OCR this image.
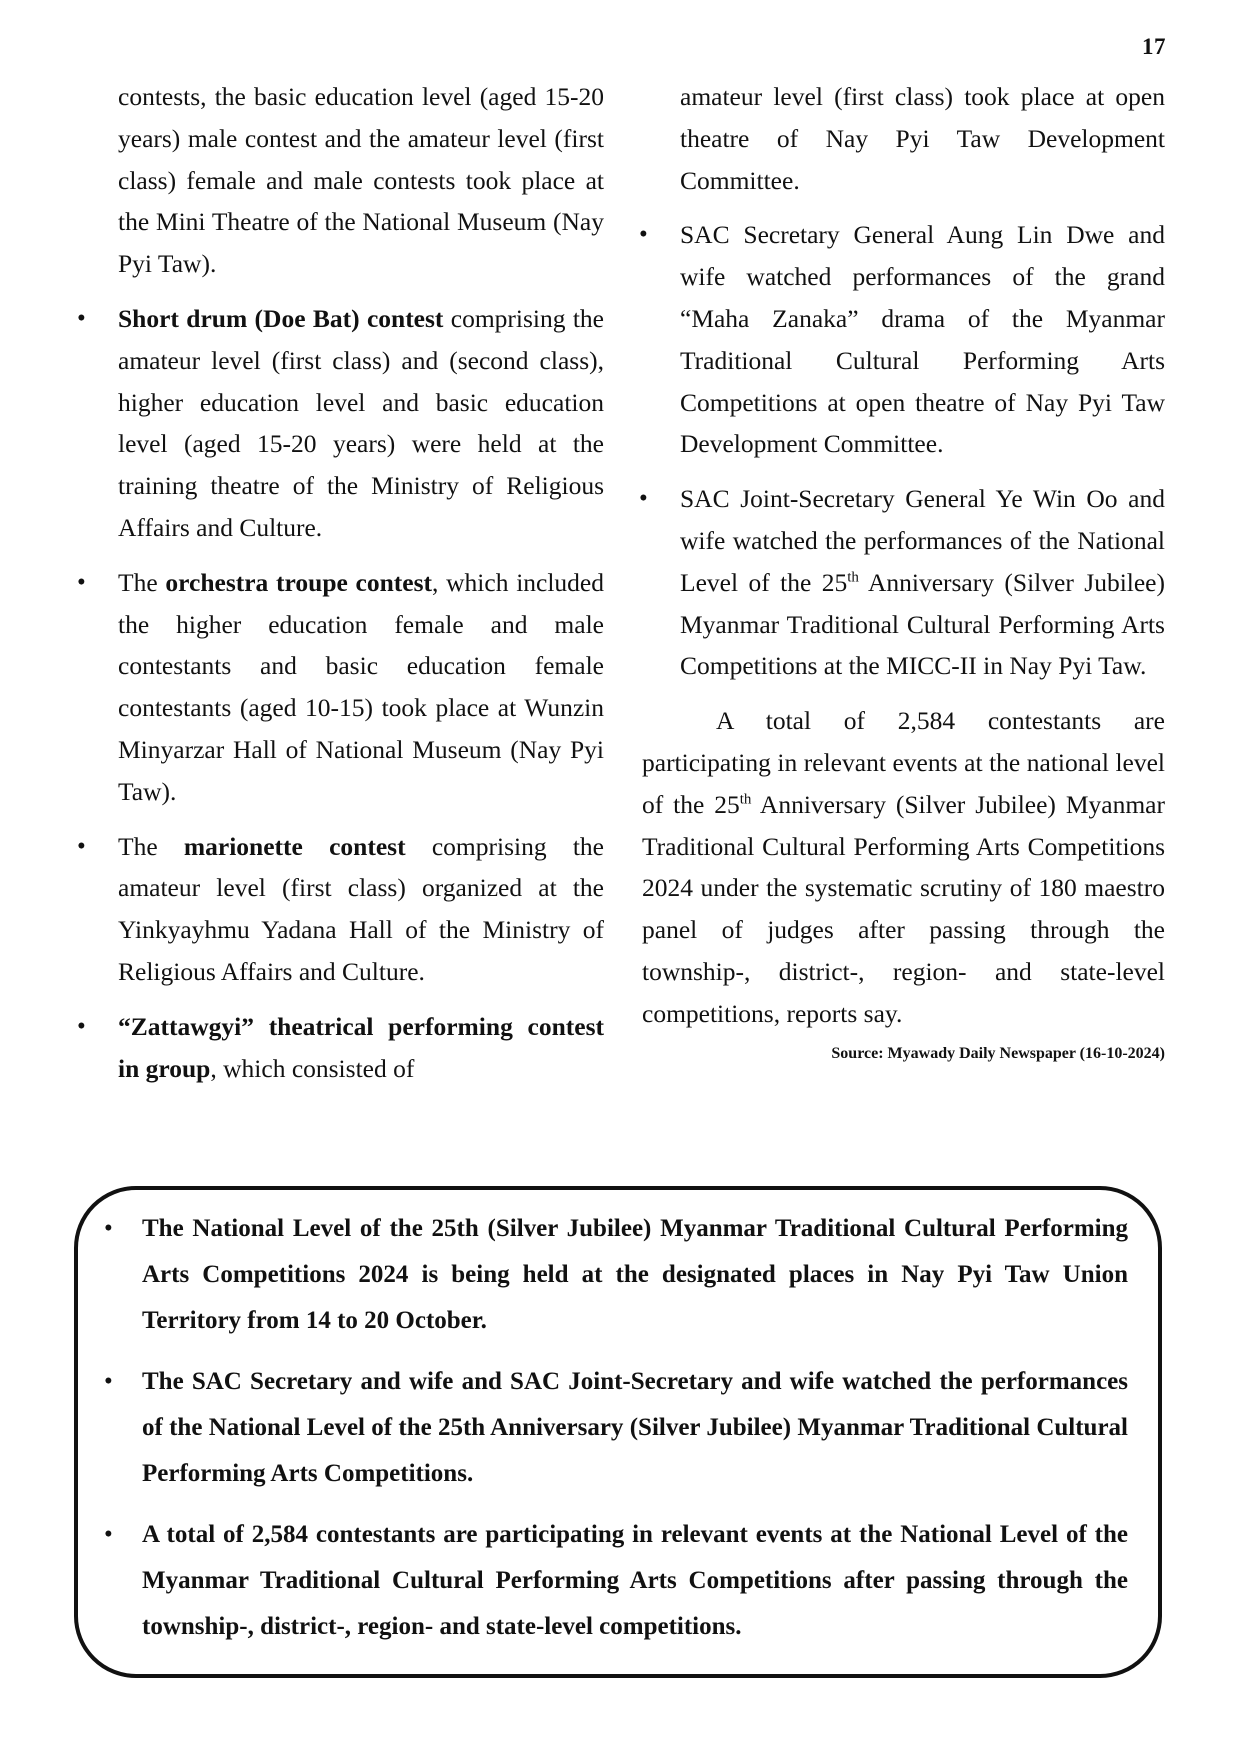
17

contests, the basic education level (aged 15-20 years) male contest and the amateur level (first class) female and male contests took place at the Mini Theatre of the National Museum (Nay Pyi Taw).

• Short drum (Doe Bat) contest comprising the amateur level (first class) and (second class), higher education level and basic education level (aged 15-20 years) were held at the training theatre of the Ministry of Religious Affairs and Culture.
• The orchestra troupe contest, which included the higher education female and male contestants and basic education female contestants (aged 10-15) took place at Wunzin Minyarzar Hall of National Museum (Nay Pyi Taw).
• The marionette contest comprising the amateur level (first class) organized at the Yinkyayhmu Yadana Hall of the Ministry of Religious Affairs and Culture.
• “Zattawgyi” theatrical performing contest in group, which consisted of

amateur level (first class) took place at open theatre of Nay Pyi Taw Development Committee.

• SAC Secretary General Aung Lin Dwe and wife watched performances of the grand “Maha Zanaka” drama of the Myanmar Traditional Cultural Performing Arts Competitions at open theatre of Nay Pyi Taw Development Committee.
• SAC Joint-Secretary General Ye Win Oo and wife watched the performances of the National Level of the 25th Anniversary (Silver Jubilee) Myanmar Traditional Cultural Performing Arts Competitions at the MICC-II in Nay Pyi Taw.

A total of 2,584 contestants are participating in relevant events at the national level of the 25th Anniversary (Silver Jubilee) Myanmar Traditional Cultural Performing Arts Competitions 2024 under the systematic scrutiny of 180 maestro panel of judges after passing through the township-, district-, region- and state-level competitions, reports say.

Source: Myawady Daily Newspaper (16-10-2024)
• The National Level of the 25th (Silver Jubilee) Myanmar Traditional Cultural Performing Arts Competitions 2024 is being held at the designated places in Nay Pyi Taw Union Territory from 14 to 20 October.
• The SAC Secretary and wife and SAC Joint-Secretary and wife watched the performances of the National Level of the 25th Anniversary (Silver Jubilee) Myanmar Traditional Cultural Performing Arts Competitions.
• A total of 2,584 contestants are participating in relevant events at the National Level of the Myanmar Traditional Cultural Performing Arts Competitions after passing through the township-, district-, region- and state-level competitions.
